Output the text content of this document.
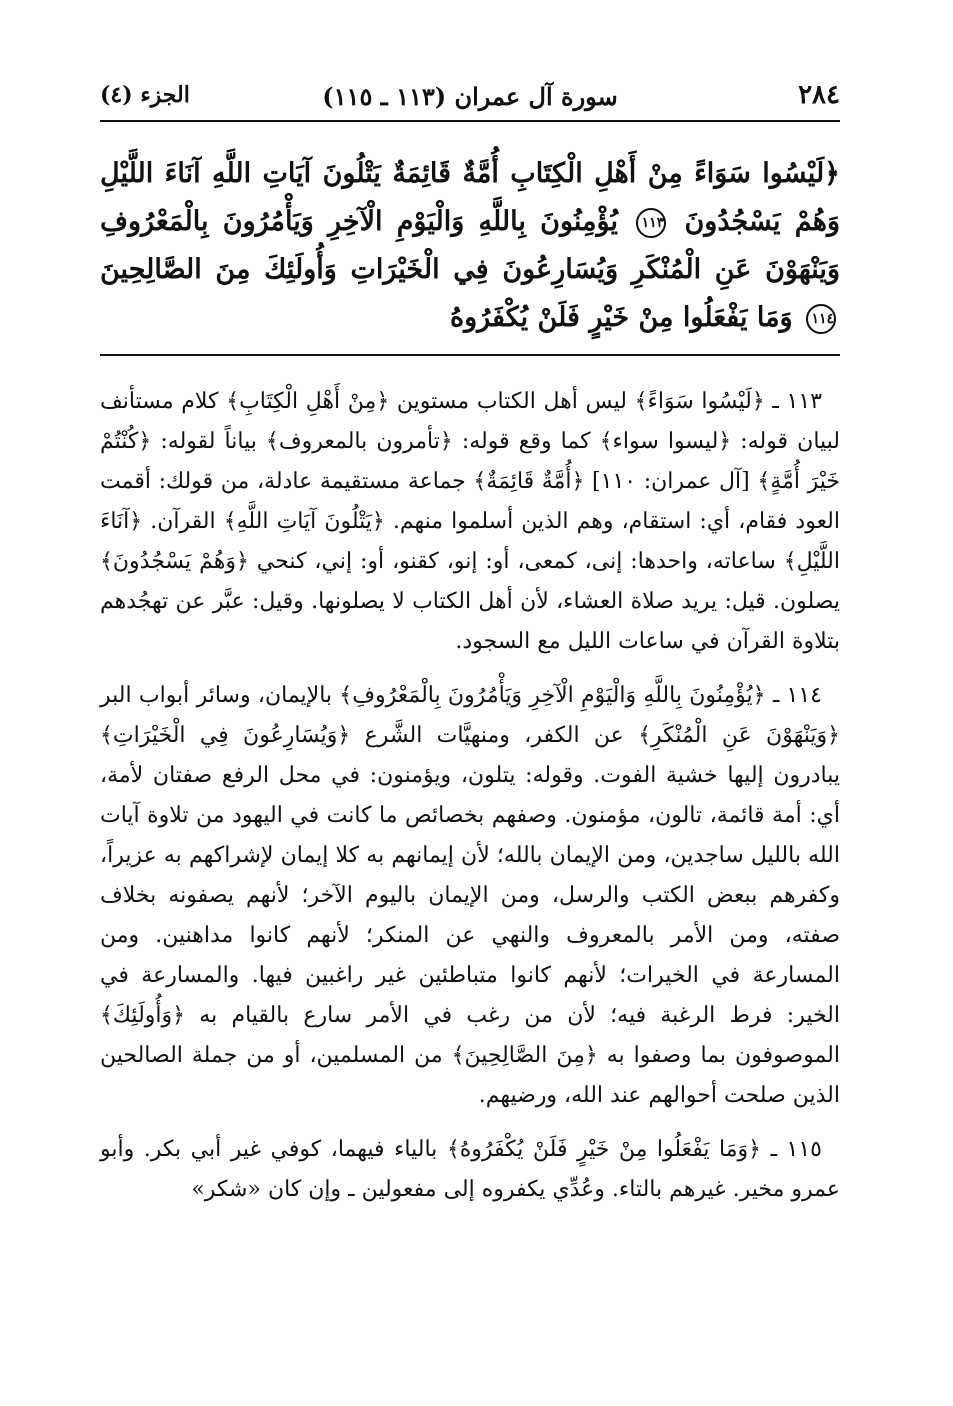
٢٨٤
سورة آل عمران (١١٣ ـ ١١٥)
الجزء (٤)
﴿لَيْسُوا سَوَاءً مِنْ أَهْلِ الْكِتَابِ أُمَّةٌ قَائِمَةٌ يَتْلُونَ آيَاتِ اللَّهِ آنَاءَ اللَّيْلِ وَهُمْ يَسْجُدُونَ ١١٣ يُؤْمِنُونَ بِاللَّهِ وَالْيَوْمِ الْآخِرِ وَيَأْمُرُونَ بِالْمَعْرُوفِ وَيَنْهَوْنَ عَنِ الْمُنْكَرِ وَيُسَارِعُونَ فِي الْخَيْرَاتِ وَأُولَئِكَ مِنَ الصَّالِحِينَ ١١٤ وَمَا يَفْعَلُوا مِنْ خَيْرٍ فَلَنْ يُكْفَرُوهُ

١١٣ ـ ﴿لَيْسُوا سَوَاءً﴾ ليس أهل الكتاب مستوين ﴿مِنْ أَهْلِ الْكِتَابِ﴾ كلام مستأنف لبيان قوله: ﴿ليسوا سواء﴾ كما وقع قوله: ﴿تأمرون بالمعروف﴾ بياناً لقوله: ﴿كُنْتُمْ خَيْرَ أُمَّةٍ﴾ [آل عمران: ١١٠] ﴿أُمَّةٌ قَائِمَةٌ﴾ جماعة مستقيمة عادلة، من قولك: أقمت العود فقام، أي: استقام، وهم الذين أسلموا منهم. ﴿يَتْلُونَ آيَاتِ اللَّهِ﴾ القرآن. ﴿آنَاءَ اللَّيْلِ﴾ ساعاته، واحدها: إنى، كمعى، أو: إنو، كقنو، أو: إني، كنحي ﴿وَهُمْ يَسْجُدُونَ﴾ يصلون. قيل: يريد صلاة العشاء، لأن أهل الكتاب لا يصلونها. وقيل: عبَّر عن تهجُدهم بتلاوة القرآن في ساعات الليل مع السجود.

١١٤ ـ ﴿يُؤْمِنُونَ بِاللَّهِ وَالْيَوْمِ الْآخِرِ وَيَأْمُرُونَ بِالْمَعْرُوفِ﴾ بالإيمان، وسائر أبواب البر ﴿وَيَنْهَوْنَ عَنِ الْمُنْكَرِ﴾ عن الكفر، ومنهيَّات الشَّرع ﴿وَيُسَارِعُونَ فِي الْخَيْرَاتِ﴾ يبادرون إليها خشية الفوت. وقوله: يتلون، ويؤمنون: في محل الرفع صفتان لأمة، أي: أمة قائمة، تالون، مؤمنون. وصفهم بخصائص ما كانت في اليهود من تلاوة آيات الله بالليل ساجدين، ومن الإيمان بالله؛ لأن إيمانهم به كلا إيمان لإشراكهم به عزيراً، وكفرهم ببعض الكتب والرسل، ومن الإيمان باليوم الآخر؛ لأنهم يصفونه بخلاف صفته، ومن الأمر بالمعروف والنهي عن المنكر؛ لأنهم كانوا مداهنين. ومن المسارعة في الخيرات؛ لأنهم كانوا متباطئين غير راغبين فيها. والمسارعة في الخير: فرط الرغبة فيه؛ لأن من رغب في الأمر سارع بالقيام به ﴿وَأُولَئِكَ﴾ الموصوفون بما وصفوا به ﴿مِنَ الصَّالِحِينَ﴾ من المسلمين، أو من جملة الصالحين الذين صلحت أحوالهم عند الله، ورضيهم.

١١٥ ـ ﴿وَمَا يَفْعَلُوا مِنْ خَيْرٍ فَلَنْ يُكْفَرُوهُ﴾ بالياء فيهما، كوفي غير أبي بكر. وأبو عمرو مخير. غيرهم بالتاء. وعُدِّي يكفروه إلى مفعولين ـ وإن كان «شكر»
